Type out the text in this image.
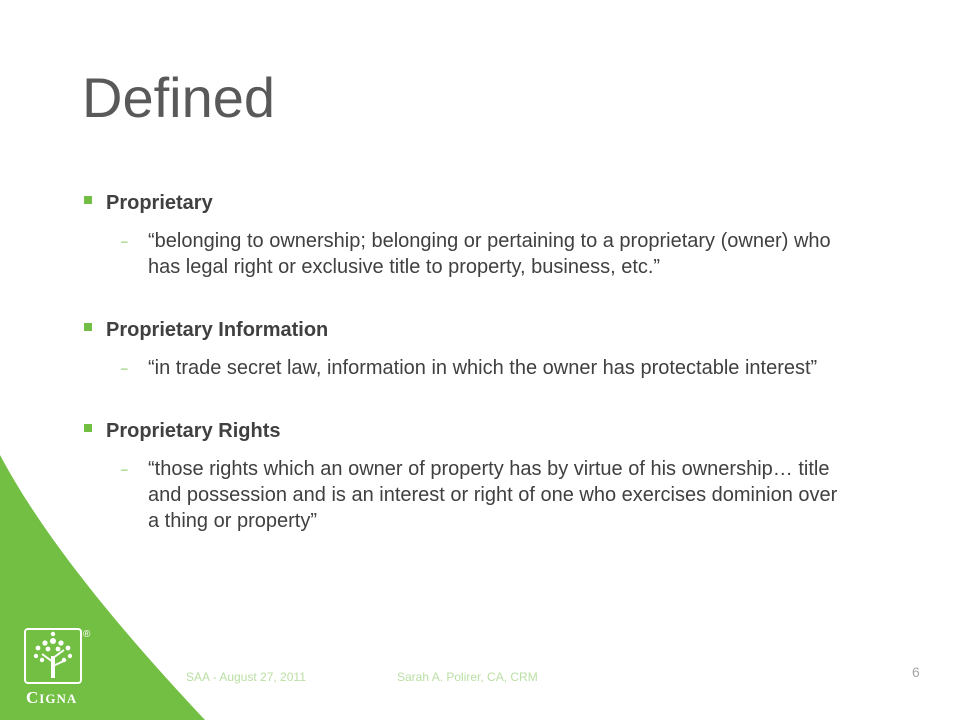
Defined
Proprietary
– “belonging to ownership; belonging or pertaining to a proprietary (owner) who has legal right or exclusive title to property, business, etc.”
Proprietary Information
– “in trade secret law, information in which the owner has protectable interest”
Proprietary Rights
– “those rights which an owner of property has by virtue of his ownership… title and possession and is an interest or right of one who exercises dominion over a thing or property”
®
CIGNA
SAA - August 27, 2011	Sarah A. Polirer, CA, CRM	6
